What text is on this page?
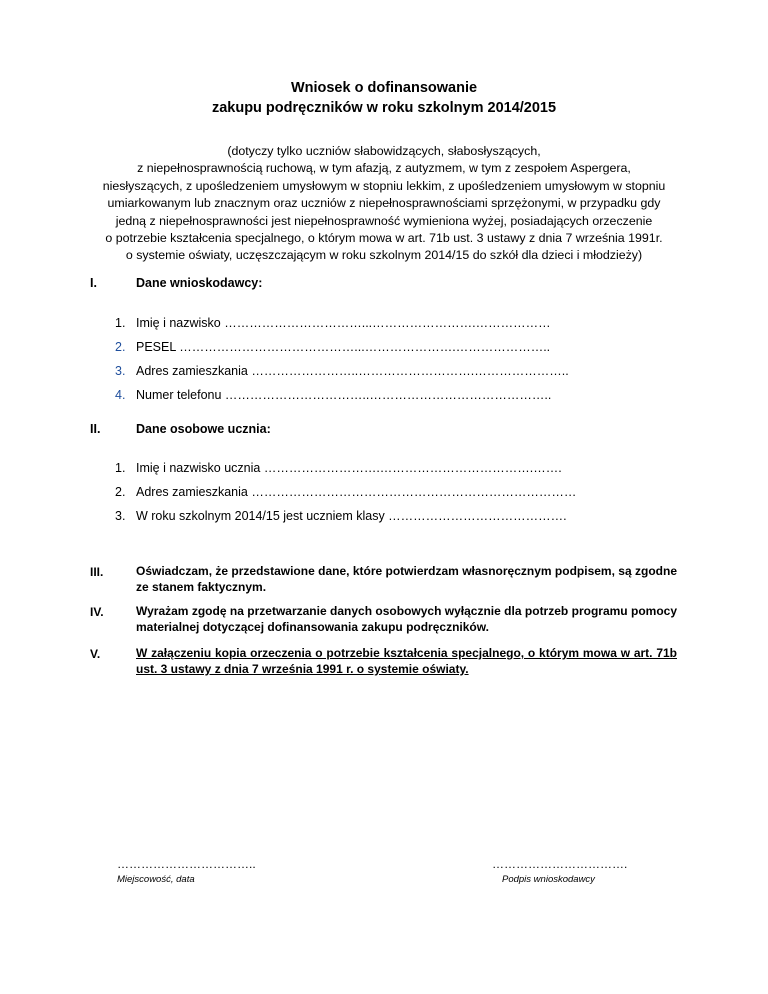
Wniosek o dofinansowanie
zakupu podręczników w roku szkolnym 2014/2015
(dotyczy tylko uczniów słabowidzących, słabosłyszących,
z niepełnosprawnością ruchową, w tym afazją, z autyzmem, w tym z zespołem Aspergera,
niesłyszących, z upośledzeniem umysłowym w stopniu lekkim, z upośledzeniem umysłowym w stopniu
umiarkowanym lub znacznym oraz uczniów z niepełnosprawnościami sprzężonymi, w przypadku gdy
jedną z niepełnosprawności jest niepełnosprawność wymieniona wyżej, posiadających orzeczenie
o potrzebie kształcenia specjalnego, o którym mowa w art. 71b ust. 3 ustawy z dnia 7 września 1991r.
o systemie oświaty, uczęszczającym w roku szkolnym 2014/15 do szkół dla dzieci i młodzieży)
I.	Dane wnioskodawcy:
1. Imię i nazwisko ……………………………...…………………….………………
2. PESEL ……………………………………...………………….…………………..
3. Adres zamieszkania ……………………..……………………….…………………..
4. Numer telefonu ……………………………..……………………………………..
II.	Dane osobowe ucznia:
1. Imię i nazwisko ucznia ……………………….……………………………….…….
2. Adres zamieszkania ……………………………………………………………………
3. W roku szkolnym 2014/15 jest uczniem klasy …………………………………….
III.	Oświadczam, że przedstawione dane, które potwierdzam własnoręcznym podpisem, są zgodne ze stanem faktycznym.
IV.	Wyrażam zgodę na przetwarzanie danych osobowych wyłącznie dla potrzeb programu pomocy materialnej dotyczącej dofinansowania zakupu podręczników.
V.	W załączeniu kopia orzeczenia o potrzebie kształcenia specjalnego, o którym mowa w art. 71b ust. 3 ustawy z dnia 7 września 1991 r. o systemie oświaty.
……………………………..
Miejscowość, data
…………………………….
Podpis wnioskodawcy
